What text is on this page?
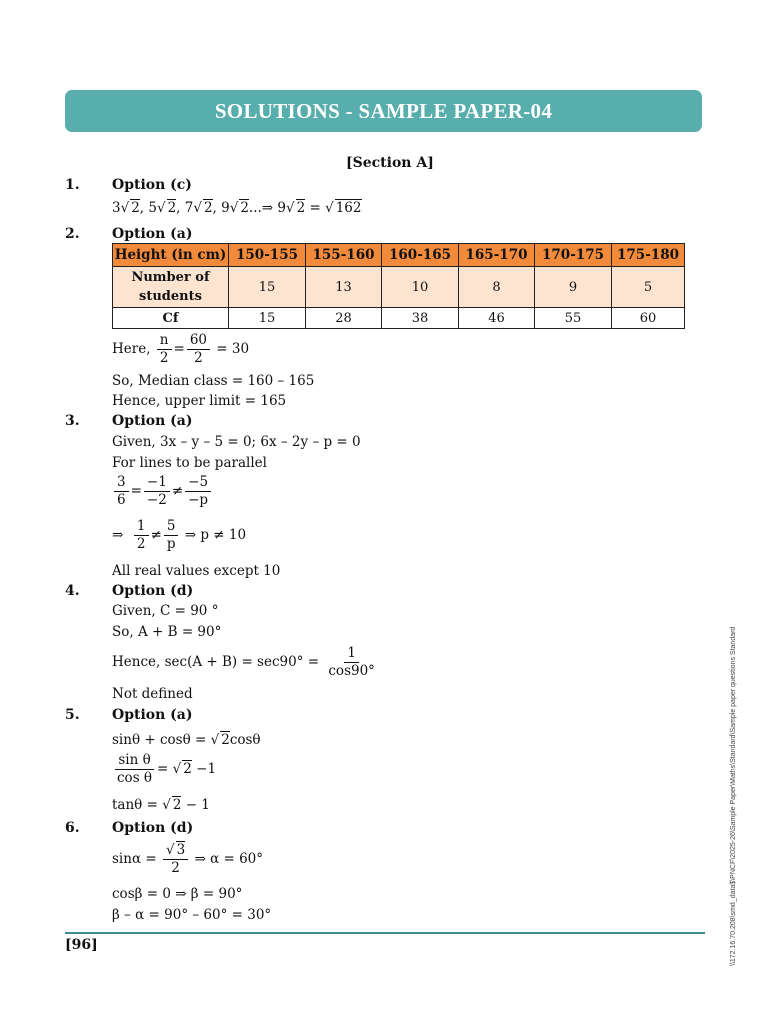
SOLUTIONS - SAMPLE PAPER-04
[Section A]
1. Option (c)
3√ 2, 5√ 2, 7√ 2, 9√ 2...⇒ 9√ 2 = √ 162
2. Option (a)
Height (in cm)	150-155	155-160	160-165	165-170	170-175	175-180
Number of
students	15	13	10	8	9	5
Cf	15	28	38	46	55	60
Here, $\frac{n}{2} = \frac{60}{2} = 30$
So, Median class = 160 – 165
Hence, upper limit = 165
3. Option (a)
Given, 3x – y – 5 = 0; 6x – 2y – p = 0
For lines to be parallel
$\frac{3}{6} = \frac{-1}{-2} \ne \frac{-5}{-p}$
⇒ $\frac{1}{2} \ne \frac{5}{p}$ ⇒ p ≠ 10
All real values except 10
4. Option (d)
Given, C = 90 °
So, A + B = 90°
Hence, $\sec(A + B) = \sec 90^\circ = \frac{1}{\cos 90^\circ}$
Not defined
5. Option (a)
sinθ + cosθ = √ 2cosθ
$\frac{\text{sin θ}}{\text{cos θ}}$ = √ 2 −1
tanθ = √ 2 − 1
6. Option (d)
$\sin\alpha = \frac{√ 3}{2}$ ⇒ α = 60°
cosβ = 0 ⇒ β = 90°
β – α = 90° – 60° = 30°
[96]	\\172.16.70.208\smd_data$\PNCF\2025-26\Sample Paper\Maths\Standard\Sample paper questions Standard
